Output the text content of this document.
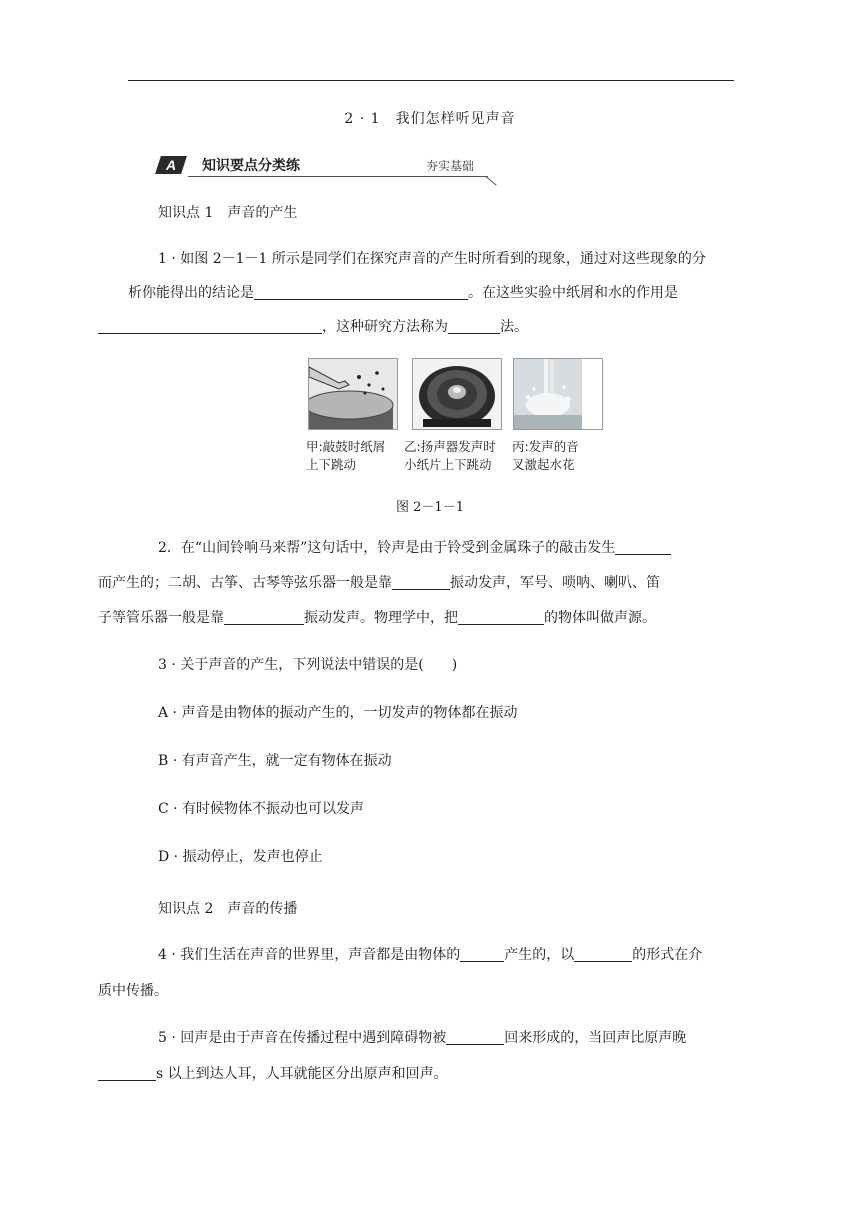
2 · 1　我们怎样听见声音
A	知识要点分类练	夯实基础
知识点 1　声音的产生
1 · 如图 2－1－1 所示是同学们在探究声音的产生时所看到的现象，通过对这些现象的分
析你能得出的结论是	。在这些实验中纸屑和水的作用是
，这种研究方法称为	法。
甲:敲鼓时纸屑
上下跳动
乙:扬声器发声时
小纸片上下跳动
丙:发声的音
叉激起水花
图 2－1－1
2．在“山间铃响马来帮”这句话中，铃声是由于铃受到金属珠子的敲击发生
而产生的；二胡、古筝、古琴等弦乐器一般是靠	振动发声，军号、唢呐、喇叭、笛
子等管乐器一般是靠	振动发声。物理学中，把	的物体叫做声源。
3 · 关于声音的产生，下列说法中错误的是(　　)
A · 声音是由物体的振动产生的，一切发声的物体都在振动
B · 有声音产生，就一定有物体在振动
C · 有时候物体不振动也可以发声
D · 振动停止，发声也停止
知识点 2　声音的传播
4 · 我们生活在声音的世界里，声音都是由物体的	产生的，以	的形式在介
质中传播。
5 · 回声是由于声音在传播过程中遇到障碍物被	回来形成的，当回声比原声晚
s 以上到达人耳，人耳就能区分出原声和回声。
